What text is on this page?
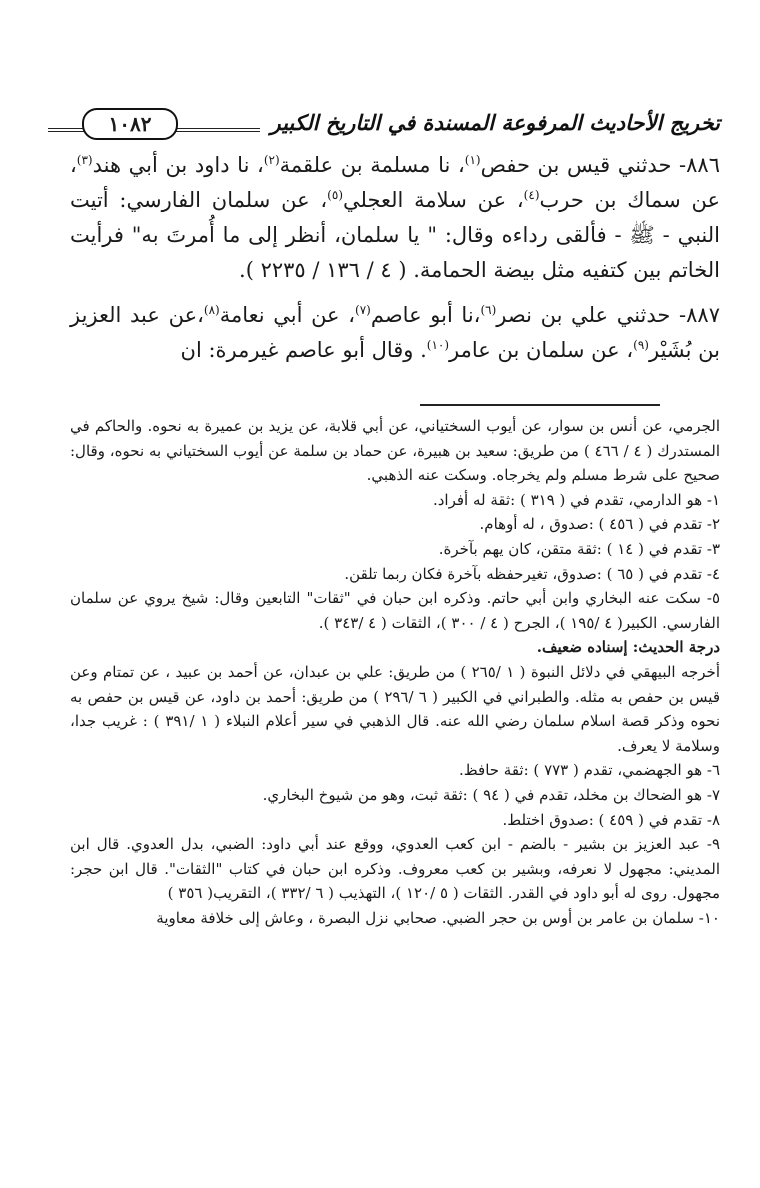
تخريج الأحاديث المرفوعة المسندة في التاريخ الكبير
١٠٨٢

٨٨٦- حدثني قيس بن حفص$^{(١)}$، نا مسلمة بن علقمة$^{(٢)}$، نا داود بن أبي هند$^{(٣)}$، عن سماك بن حرب$^{(٤)}$، عن سلامة العجلي$^{(٥)}$، عن سلمان الفارسي: أتيت النبي - ﷺ - فألقى رداءه وقال: " يا سلمان، أنظر إلى ما أُمرتَ به" فرأيت الخاتم بين كتفيه مثل بيضة الحمامة. ( ٤ / ١٣٦ / ٢٢٣٥ ).

٨٨٧- حدثني علي بن نصر$^{(٦)}$،نا أبو عاصم$^{(٧)}$، عن أبي نعامة$^{(٨)}$،عن عبد العزيز بن بُشَيْر$^{(٩)}$، عن سلمان بن عامر$^{(١٠)}$. وقال أبو عاصم غيرمرة: ان

الجرمي، عن أنس بن سوار، عن أيوب السختياني، عن أبي قلابة، عن يزيد بن عميرة به نحوه. والحاكم في المستدرك ( ٤ / ٤٦٦ ) من طريق: سعيد بن هبيرة، عن حماد بن سلمة عن أيوب السختياني به نحوه، وقال: صحيح على شرط مسلم ولم يخرجاه. وسكت عنه الذهبي.

١- هو الدارمي، تقدم في ( ٣١٩ ) :ثقة له أفراد.

٢- تقدم في ( ٤٥٦ ) :صدوق ، له أوهام.

٣- تقدم في ( ١٤ ) :ثقة متقن، كان يهم بآخرة.

٤- تقدم في ( ٦٥ ) :صدوق، تغيرحفظه بآخرة فكان ربما تلقن.

٥- سكت عنه البخاري وابن أبي حاتم. وذكره ابن حبان في "ثقات" التابعين وقال: شيخ يروي عن سلمان الفارسي. الكبير( ٤ /١٩٥ )، الجرح ( ٤ / ٣٠٠ )، الثقات ( ٤ /٣٤٣ ).

درجة الحديث: إسناده ضعيف.

أخرجه البيهقي في دلائل النبوة ( ١ /٢٦٥ ) من طريق: علي بن عبدان، عن أحمد بن عبيد ، عن تمتام وعن قيس بن حفص به مثله. والطبراني في الكبير ( ٦ /٢٩٦ ) من طريق: أحمد بن داود، عن قيس بن حفص به نحوه وذكر قصة اسلام سلمان رضي الله عنه. قال الذهبي في سير أعلام النبلاء ( ١ /٣٩١ ) : غريب جدا، وسلامة لا يعرف.

٦- هو الجهضمي، تقدم ( ٧٧٣ ) :ثقة حافظ.

٧- هو الضحاك بن مخلد، تقدم في ( ٩٤ ) :ثقة ثبت، وهو من شيوخ البخاري.

٨- تقدم في ( ٤٥٩ ) :صدوق اختلط.

٩- عبد العزيز بن بشير - بالضم - ابن كعب العدوي، ووقع عند أبي داود: الضبي، بدل العدوي. قال ابن المديني: مجهول لا نعرفه، وبشير بن كعب معروف. وذكره ابن حبان في كتاب "الثقات". قال ابن حجر: مجهول. روى له أبو داود في القدر. الثقات ( ٥ /١٢٠ )، التهذيب ( ٦ /٣٣٢ )، التقريب( ٣٥٦ )

١٠- سلمان بن عامر بن أوس بن حجر الضبي. صحابي نزل البصرة ، وعاش إلى خلافة معاوية
